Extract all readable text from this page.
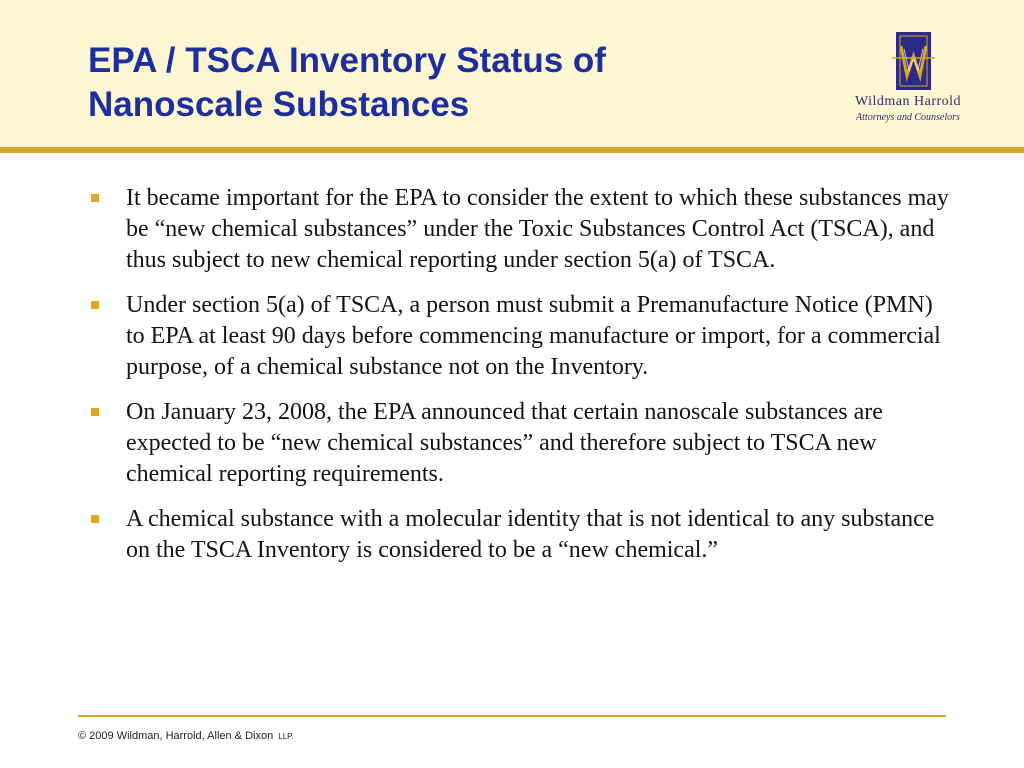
EPA / TSCA Inventory Status of
Nanoscale Substances	Wildman Harrold
Attorneys and Counselors
It became important for the EPA to consider the extent to which these substances may be “new chemical substances” under the Toxic Substances Control Act (TSCA), and thus subject to new chemical reporting under section 5(a) of TSCA.
Under section 5(a) of TSCA, a person must submit a Premanufacture Notice (PMN) to EPA at least 90 days before commencing manufacture or import, for a commercial purpose, of a chemical substance not on the Inventory.
On January 23, 2008, the EPA announced that certain nanoscale substances are expected to be “new chemical substances” and therefore subject to TSCA new chemical reporting requirements.
A chemical substance with a molecular identity that is not identical to any substance on the TSCA Inventory is considered to be a “new chemical.”
© 2009 Wildman, Harrold, Allen & Dixon LLP.
